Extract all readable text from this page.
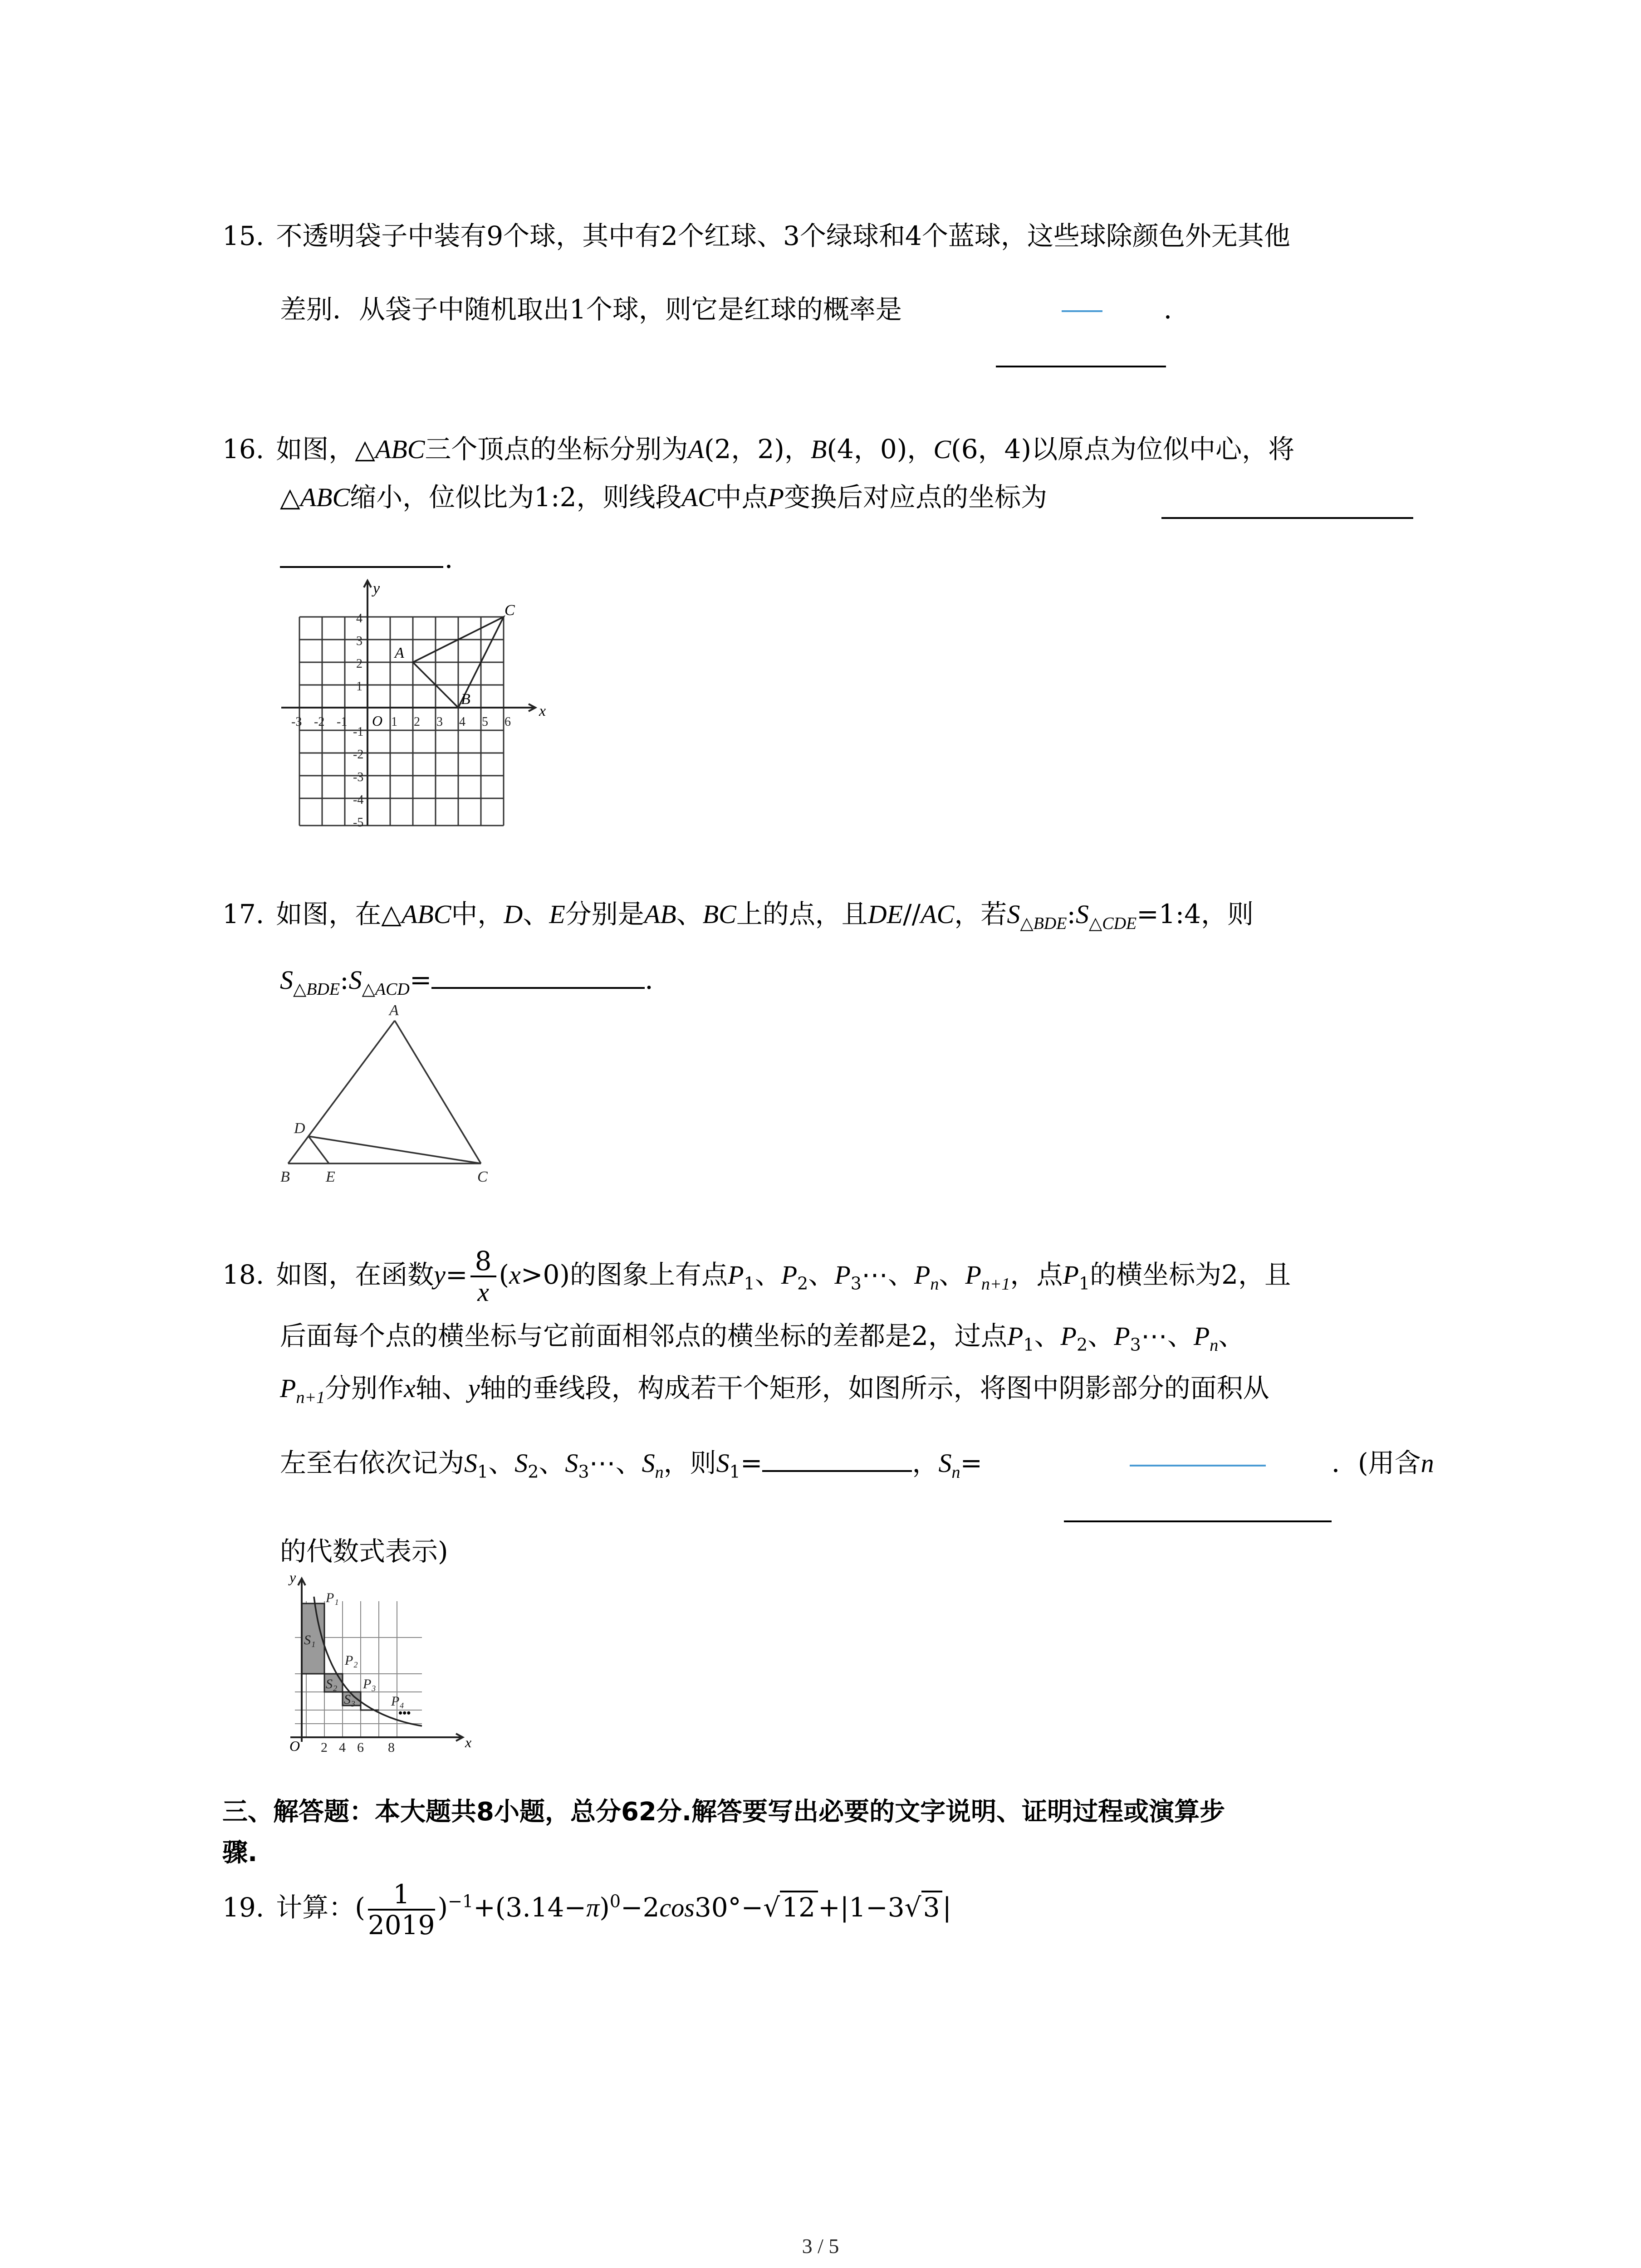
15. 不透明袋子中装有9个球，其中有2个红球、3个绿球和4个蓝球，这些球除颜色外无其他
差别．从袋子中随机取出1个球，则它是红球的概率是	．
16. 如图，△ABC三个顶点的坐标分别为A(2，2)，B(4，0)，C(6，4)以原点为位似中心，将
△ABC缩小，位似比为1:2，则线段AC中点P变换后对应点的坐标为
．
y
x
O
-3 -2 -1	1 2 3 4 5 6
4
3
2
1
-1
-2
-3
-4
-5
A
B
C
17. 如图，在△ABC中，D、E分别是AB、BC上的点，且DE//AC，若$S_{\triangle BDE}:S_{\triangle CDE}=1:4$，则
$S_{\triangle BDE}:S_{\triangle ACD}=$	．
A
B	C
D
E
18. 如图，在函数$y= \frac{8}{x} (x>0)$的图象上有点$P_1$、$P_2$、$P_3\cdots$、$P_n$、$P_{n+1}$，点$P_1$的横坐标为2，且
后面每个点的横坐标与它前面相邻点的横坐标的差都是2，过点$P_1$、$P_2$、$P_3\cdots$、$P_n$、
$P_{n+1}$分别作x轴、y轴的垂线段，构成若干个矩形，如图所示，将图中阴影部分的面积从
左至右依次记为$S_1$、$S_2$、$S_3\cdots$、$S_n$，则$S_1=$	，$S_n=$	．(用含n
的代数式表示)
y
x
O 2 4 6 8
P₁
P₂
P₃
P₄
S₁
S₂
S₃
•••
三、解答题：本大题共8小题，总分62分.解答要写出必要的文字说明、证明过程或演算步
骤.
19. 计算：( $\frac{1}{2019} )^{-1}+(3.14-\pi)^0-2\cos 30^\circ-√12 +|1-3√3$ |
3 / 5
